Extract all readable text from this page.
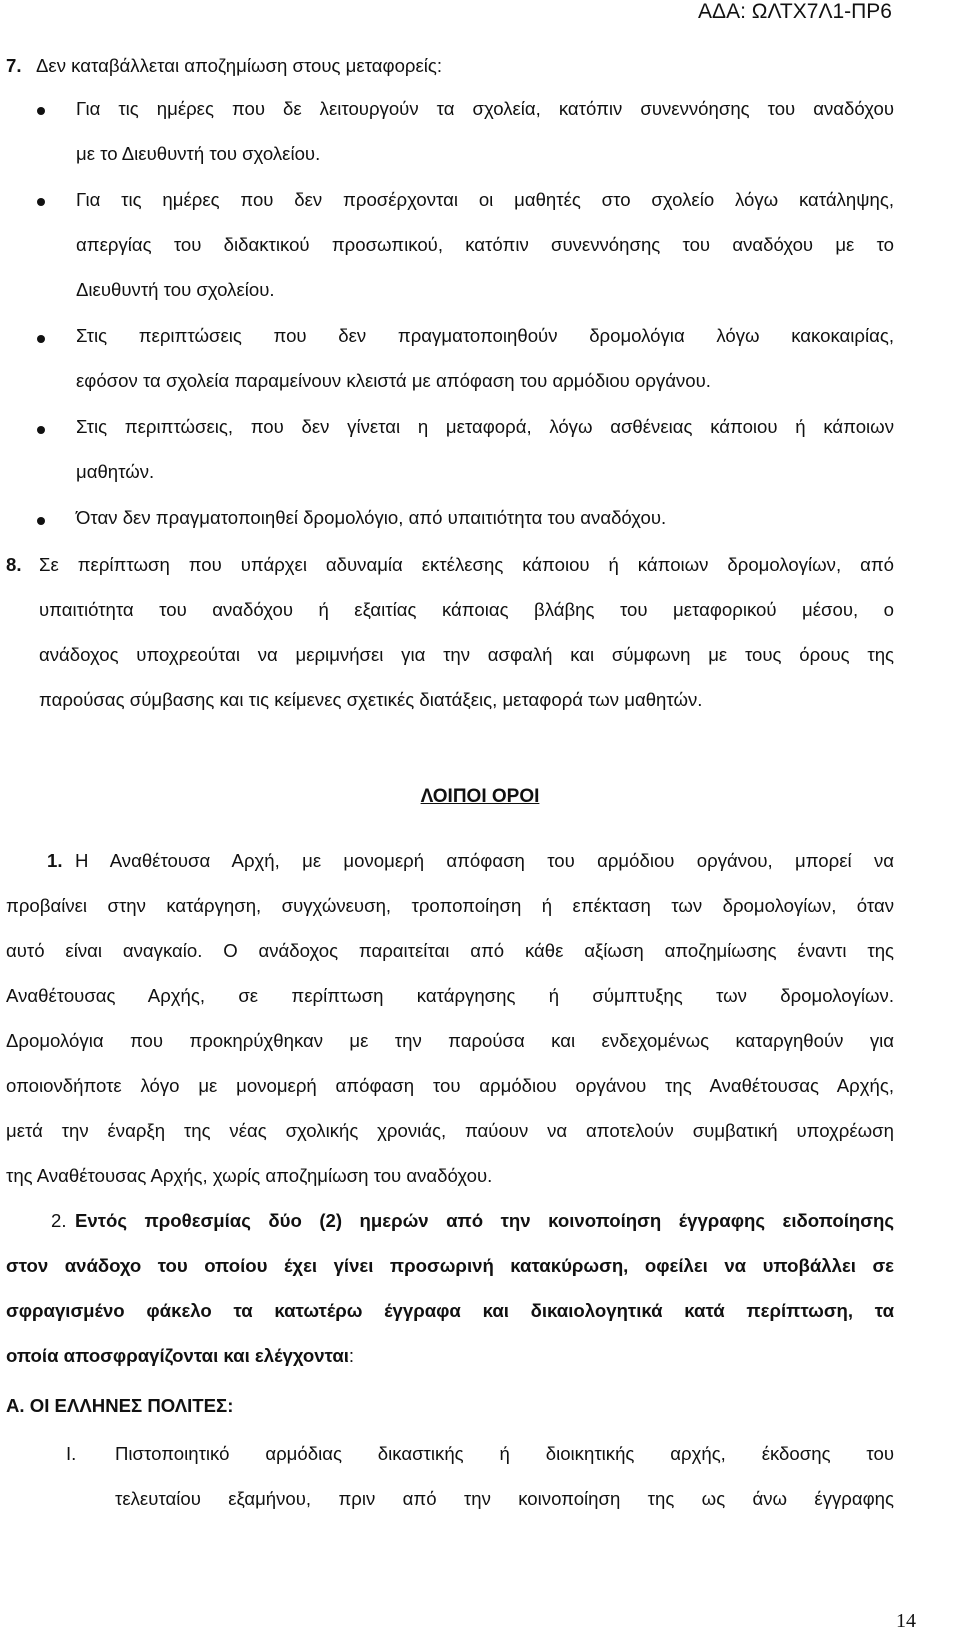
ΑΔΑ: ΩΛΤΧ7Λ1-ΠΡ6
7. Δεν καταβάλλεται αποζημίωση στους μεταφορείς:
Για τις ημέρες που δε λειτουργούν τα σχολεία, κατόπιν συνεννόησης του αναδόχου
με το Διευθυντή του σχολείου.
Για τις ημέρες που δεν προσέρχονται οι μαθητές στο σχολείο λόγω κατάληψης,
απεργίας του διδακτικού προσωπικού, κατόπιν συνεννόησης του αναδόχου με το
Διευθυντή του σχολείου.
Στις περιπτώσεις που δεν πραγματοποιηθούν δρομολόγια λόγω κακοκαιρίας,
εφόσον τα σχολεία παραμείνουν κλειστά με απόφαση του αρμόδιου οργάνου.
Στις περιπτώσεις, που δεν γίνεται η μεταφορά, λόγω ασθένειας κάποιου ή κάποιων
μαθητών.
Όταν δεν πραγματοποιηθεί δρομολόγιο, από υπαιτιότητα του αναδόχου.
8. Σε περίπτωση που υπάρχει αδυναμία εκτέλεσης κάποιου ή κάποιων δρομολογίων, από
υπαιτιότητα του αναδόχου ή εξαιτίας κάποιας βλάβης του μεταφορικού μέσου, ο
ανάδοχος υποχρεούται να μεριμνήσει για την ασφαλή και σύμφωνη με τους όρους της
παρούσας σύμβασης και τις κείμενες σχετικές διατάξεις, μεταφορά των μαθητών.
ΛΟΙΠΟΙ ΟΡΟΙ
1. Η Αναθέτουσα Αρχή, με μονομερή απόφαση του αρμόδιου οργάνου, μπορεί να
προβαίνει στην κατάργηση, συγχώνευση, τροποποίηση ή επέκταση των δρομολογίων, όταν
αυτό είναι αναγκαίο. Ο ανάδοχος παραιτείται από κάθε αξίωση αποζημίωσης έναντι της
Αναθέτουσας Αρχής, σε περίπτωση κατάργησης ή σύμπτυξης των δρομολογίων.
Δρομολόγια που προκηρύχθηκαν με την παρούσα και ενδεχομένως καταργηθούν για
οποιονδήποτε λόγο με μονομερή απόφαση του αρμόδιου οργάνου της Αναθέτουσας Αρχής,
μετά την έναρξη της νέας σχολικής χρονιάς, παύουν να αποτελούν συμβατική υποχρέωση
της Αναθέτουσας Αρχής, χωρίς αποζημίωση του αναδόχου.
2. Εντός προθεσμίας δύο (2) ημερών από την κοινοποίηση έγγραφης ειδοποίησης
στον ανάδοχο του οποίου έχει γίνει προσωρινή κατακύρωση, οφείλει να υποβάλλει σε
σφραγισμένο φάκελο τα κατωτέρω έγγραφα και δικαιολογητικά κατά περίπτωση, τα
οποία αποσφραγίζονται και ελέγχονται:
Α. ΟΙ ΕΛΛΗΝΕΣ ΠΟΛΙΤΕΣ:
I. Πιστοποιητικό αρμόδιας δικαστικής ή διοικητικής αρχής, έκδοσης του
τελευταίου εξαμήνου, πριν από την κοινοποίηση της ως άνω έγγραφης
14
